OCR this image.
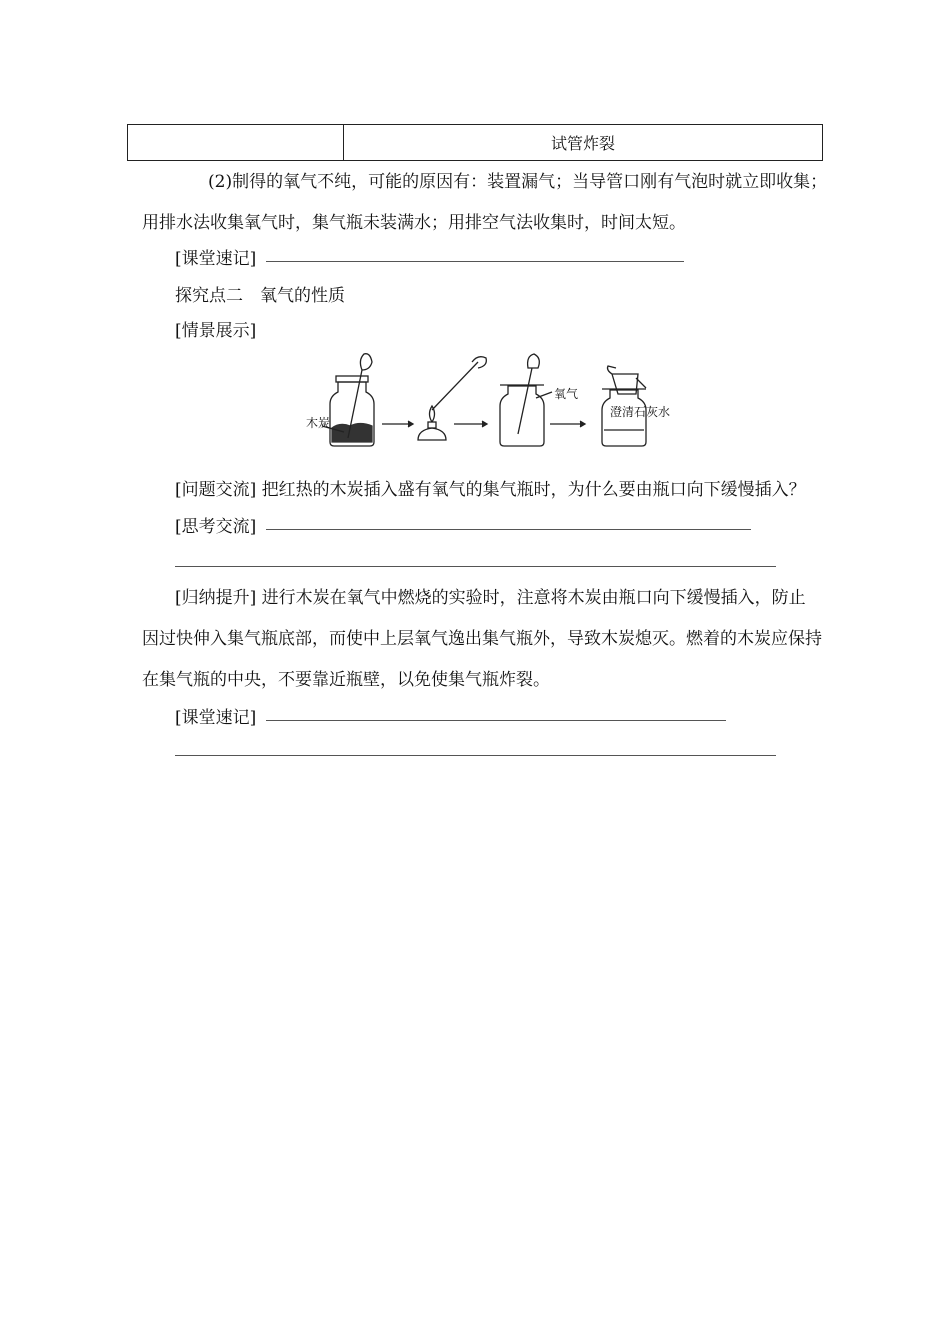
试管炸裂
(2)制得的氧气不纯，可能的原因有：装置漏气；当导管口刚有气泡时就立即收集；
用排水法收集氧气时，集气瓶未装满水；用排空气法收集时，时间太短。
[课堂速记]
探究点二　氧气的性质
[情景展示]
木炭
氧气
澄清石灰水
[问题交流] 把红热的木炭插入盛有氧气的集气瓶时，为什么要由瓶口向下缓慢插入？
[思考交流]
[归纳提升] 进行木炭在氧气中燃烧的实验时，注意将木炭由瓶口向下缓慢插入，防止
因过快伸入集气瓶底部，而使中上层氧气逸出集气瓶外，导致木炭熄灭。燃着的木炭应保持
在集气瓶的中央，不要靠近瓶壁，以免使集气瓶炸裂。
[课堂速记]
